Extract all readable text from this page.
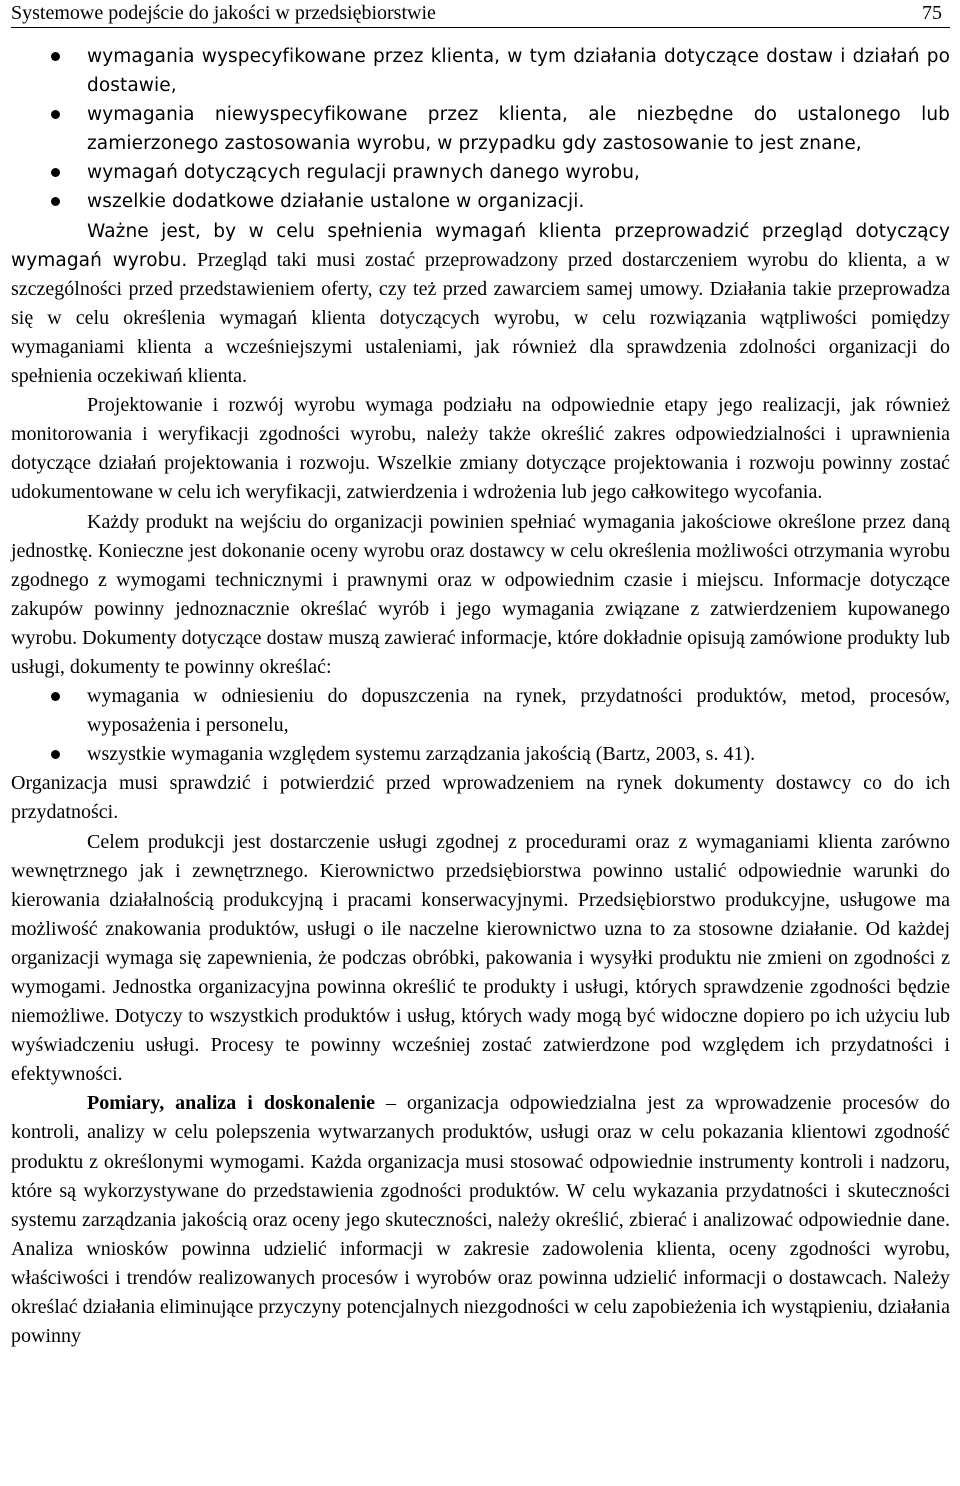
Systemowe podejście do jakości w przedsiębiorstwie	75
wymagania wyspecyfikowane przez klienta, w tym działania dotyczące dostaw i działań po dostawie,
wymagania niewyspecyfikowane przez klienta, ale niezbędne do ustalonego lub zamierzonego zastosowania wyrobu, w przypadku gdy zastosowanie to jest znane,
wymagań dotyczących regulacji prawnych danego wyrobu,
wszelkie dodatkowe działanie ustalone w organizacji.

Ważne jest, by w celu spełnienia wymagań klienta przeprowadzić przegląd dotyczący wymagań wyrobu. Przegląd taki musi zostać przeprowadzony przed dostarczeniem wyrobu do klienta, a w szczególności przed przedstawieniem oferty, czy też przed zawarciem samej umowy. Działania takie przeprowadza się w celu określenia wymagań klienta dotyczących wyrobu, w celu rozwiązania wątpliwości pomiędzy wymaganiami klienta a wcześniejszymi ustaleniami, jak również dla sprawdzenia zdolności organizacji do spełnienia oczekiwań klienta.

Projektowanie i rozwój wyrobu wymaga podziału na odpowiednie etapy jego realizacji, jak również monitorowania i weryfikacji zgodności wyrobu, należy także określić zakres odpowiedzialności i uprawnienia dotyczące działań projektowania i rozwoju. Wszelkie zmiany dotyczące projektowania i rozwoju powinny zostać udokumentowane w celu ich weryfikacji, zatwierdzenia i wdrożenia lub jego całkowitego wycofania.

Każdy produkt na wejściu do organizacji powinien spełniać wymagania jakościowe określone przez daną jednostkę. Konieczne jest dokonanie oceny wyrobu oraz dostawcy w celu określenia możliwości otrzymania wyrobu zgodnego z wymogami technicznymi i prawnymi oraz w odpowiednim czasie i miejscu. Informacje dotyczące zakupów powinny jednoznacznie określać wyrób i jego wymagania związane z zatwierdzeniem kupowanego wyrobu. Dokumenty dotyczące dostaw muszą zawierać informacje, które dokładnie opisują zamówione produkty lub usługi, dokumenty te powinny określać:

wymagania w odniesieniu do dopuszczenia na rynek, przydatności produktów, metod, procesów, wyposażenia i personelu,
wszystkie wymagania względem systemu zarządzania jakością (Bartz, 2003, s. 41).

Organizacja musi sprawdzić i potwierdzić przed wprowadzeniem na rynek dokumenty dostawcy co do ich przydatności.

Celem produkcji jest dostarczenie usługi zgodnej z procedurami oraz z wymaganiami klienta zarówno wewnętrznego jak i zewnętrznego. Kierownictwo przedsiębiorstwa powinno ustalić odpowiednie warunki do kierowania działalnością produkcyjną i pracami konserwacyjnymi. Przedsiębiorstwo produkcyjne, usługowe ma możliwość znakowania produktów, usługi o ile naczelne kierownictwo uzna to za stosowne działanie. Od każdej organizacji wymaga się zapewnienia, że podczas obróbki, pakowania i wysyłki produktu nie zmieni on zgodności z wymogami. Jednostka organizacyjna powinna określić te produkty i usługi, których sprawdzenie zgodności będzie niemożliwe. Dotyczy to wszystkich produktów i usług, których wady mogą być widoczne dopiero po ich użyciu lub wyświadczeniu usługi. Procesy te powinny wcześniej zostać zatwierdzone pod względem ich przydatności i efektywności.

Pomiary, analiza i doskonalenie – organizacja odpowiedzialna jest za wprowadzenie procesów do kontroli, analizy w celu polepszenia wytwarzanych produktów, usługi oraz w celu pokazania klientowi zgodność produktu z określonymi wymogami. Każda organizacja musi stosować odpowiednie instrumenty kontroli i nadzoru, które są wykorzystywane do przedstawienia zgodności produktów. W celu wykazania przydatności i skuteczności systemu zarządzania jakością oraz oceny jego skuteczności, należy określić, zbierać i analizować odpowiednie dane. Analiza wniosków powinna udzielić informacji w zakresie zadowolenia klienta, oceny zgodności wyrobu, właściwości i trendów realizowanych procesów i wyrobów oraz powinna udzielić informacji o dostawcach. Należy określać działania eliminujące przyczyny potencjalnych niezgodności w celu zapobieżenia ich wystąpieniu, działania powinny
